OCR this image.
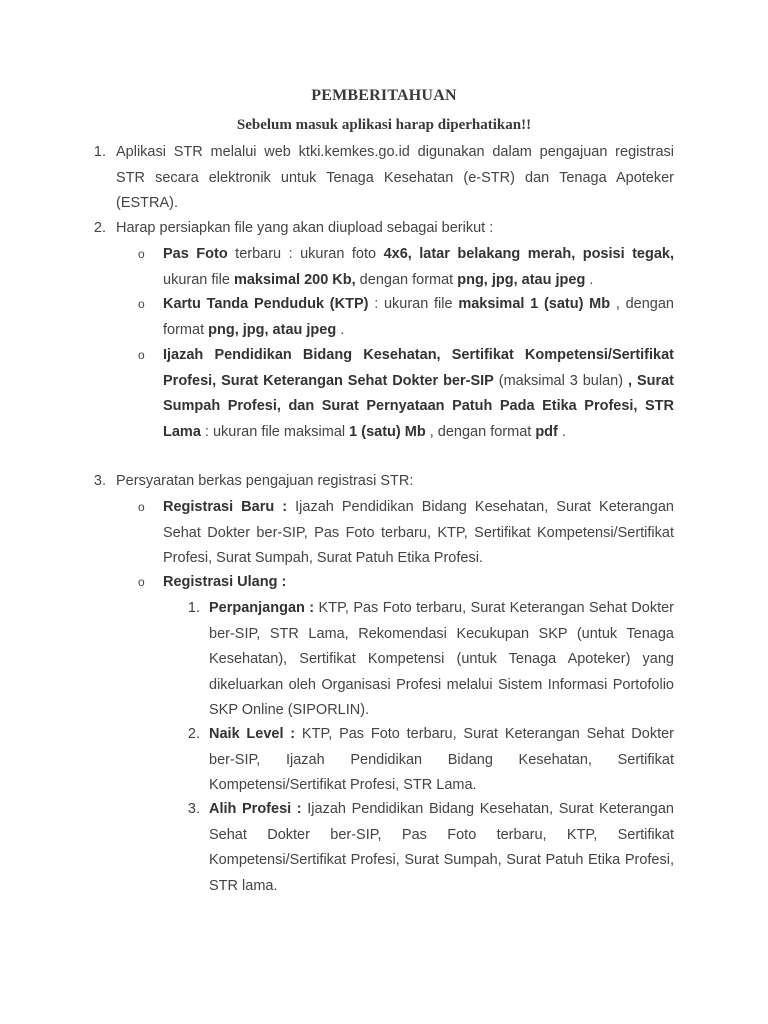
PEMBERITAHUAN
Sebelum masuk aplikasi harap diperhatikan!!
1. Aplikasi STR melalui web ktki.kemkes.go.id digunakan dalam pengajuan registrasi STR secara elektronik untuk Tenaga Kesehatan (e-STR) dan Tenaga Apoteker (ESTRA).
2. Harap persiapkan file yang akan diupload sebagai berikut :
o Pas Foto terbaru : ukuran foto 4x6, latar belakang merah, posisi tegak, ukuran file maksimal 200 Kb, dengan format png, jpg, atau jpeg .
o Kartu Tanda Penduduk (KTP) : ukuran file maksimal 1 (satu) Mb , dengan format png, jpg, atau jpeg .
o Ijazah Pendidikan Bidang Kesehatan, Sertifikat Kompetensi/Sertifikat Profesi, Surat Keterangan Sehat Dokter ber-SIP (maksimal 3 bulan) , Surat Sumpah Profesi, dan Surat Pernyataan Patuh Pada Etika Profesi, STR Lama : ukuran file maksimal 1 (satu) Mb , dengan format pdf .
3. Persyaratan berkas pengajuan registrasi STR:
o Registrasi Baru : Ijazah Pendidikan Bidang Kesehatan, Surat Keterangan Sehat Dokter ber-SIP, Pas Foto terbaru, KTP, Sertifikat Kompetensi/Sertifikat Profesi, Surat Sumpah, Surat Patuh Etika Profesi.
o Registrasi Ulang :
1. Perpanjangan : KTP, Pas Foto terbaru, Surat Keterangan Sehat Dokter ber-SIP, STR Lama, Rekomendasi Kecukupan SKP (untuk Tenaga Kesehatan), Sertifikat Kompetensi (untuk Tenaga Apoteker) yang dikeluarkan oleh Organisasi Profesi melalui Sistem Informasi Portofolio SKP Online (SIPORLIN).
2. Naik Level : KTP, Pas Foto terbaru, Surat Keterangan Sehat Dokter ber-SIP, Ijazah Pendidikan Bidang Kesehatan, Sertifikat Kompetensi/Sertifikat Profesi, STR Lama.
3. Alih Profesi : Ijazah Pendidikan Bidang Kesehatan, Surat Keterangan Sehat Dokter ber-SIP, Pas Foto terbaru, KTP, Sertifikat Kompetensi/Sertifikat Profesi, Surat Sumpah, Surat Patuh Etika Profesi, STR lama.
